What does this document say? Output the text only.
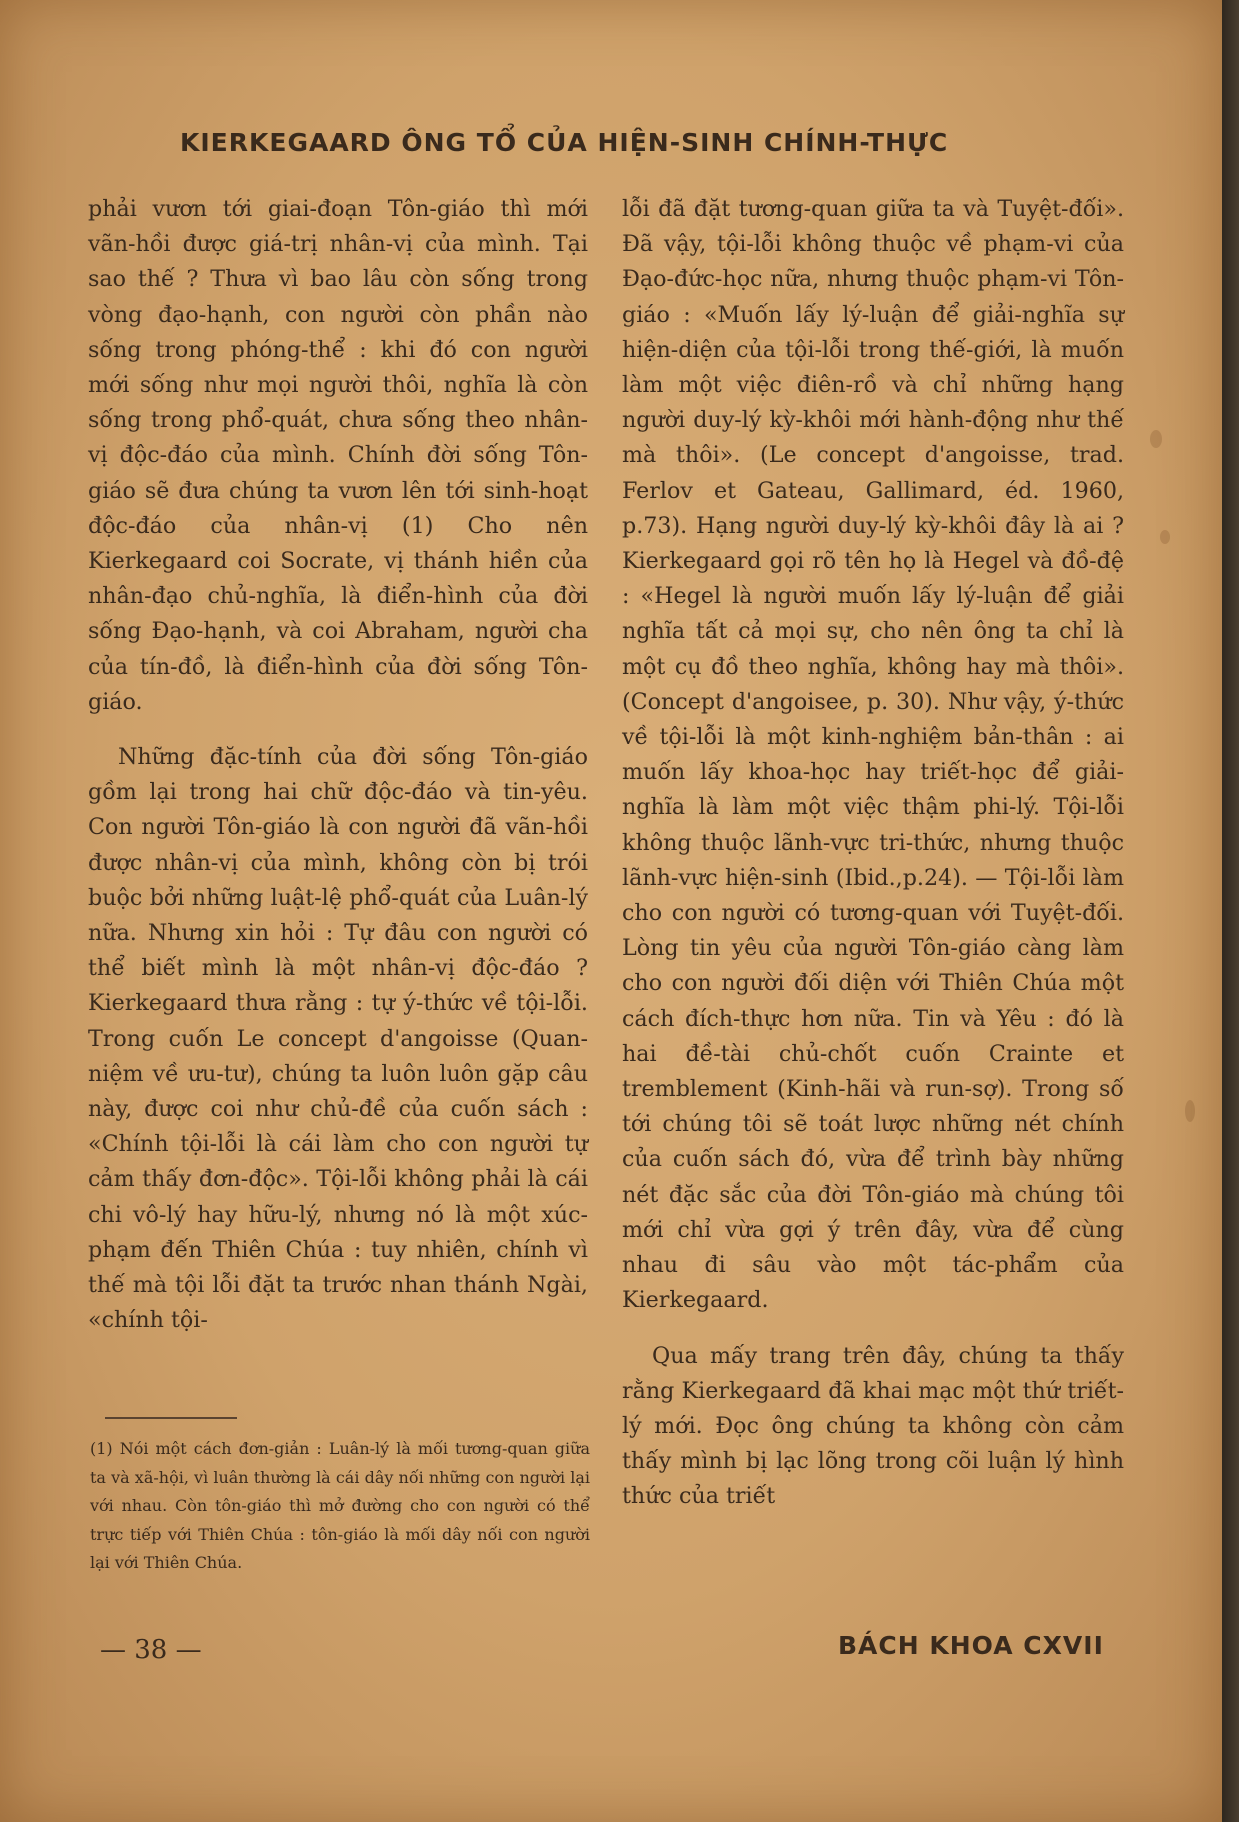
KIERKEGAARD ÔNG TỔ CỦA HIỆN-SINH CHÍNH-THỰC

phải vươn tới giai-đoạn Tôn-giáo thì mới vãn-hồi được giá-trị nhân-vị của mình. Tại sao thế ? Thưa vì bao lâu còn sống trong vòng đạo-hạnh, con người còn phần nào sống trong phóng-thể : khi đó con người mới sống như mọi người thôi, nghĩa là còn sống trong phổ-quát, chưa sống theo nhân-vị độc-đáo của mình. Chính đời sống Tôn-giáo sẽ đưa chúng ta vươn lên tới sinh-hoạt độc-đáo của nhân-vị (1) Cho nên Kierkegaard coi Socrate, vị thánh hiền của nhân-đạo chủ-nghĩa, là điển-hình của đời sống Đạo-hạnh, và coi Abraham, người cha của tín-đồ, là điển-hình của đời sống Tôn-giáo.

Những đặc-tính của đời sống Tôn-giáo gồm lại trong hai chữ độc-đáo và tin-yêu. Con người Tôn-giáo là con người đã vãn-hồi được nhân-vị của mình, không còn bị trói buộc bởi những luật-lệ phổ-quát của Luân-lý nữa. Nhưng xin hỏi : Tự đâu con người có thể biết mình là một nhân-vị độc-đáo ? Kierkegaard thưa rằng : tự ý-thức về tội-lỗi. Trong cuốn Le concept d'angoisse (Quan-niệm về ưu-tư), chúng ta luôn luôn gặp câu này, được coi như chủ-đề của cuốn sách : «Chính tội-lỗi là cái làm cho con người tự cảm thấy đơn-độc». Tội-lỗi không phải là cái chi vô-lý hay hữu-lý, nhưng nó là một xúc-phạm đến Thiên Chúa : tuy nhiên, chính vì thế mà tội lỗi đặt ta trước nhan thánh Ngài, «chính tội-

lỗi đã đặt tương-quan giữa ta và Tuyệt-đối». Đã vậy, tội-lỗi không thuộc về phạm-vi của Đạo-đức-học nữa, nhưng thuộc phạm-vi Tôn-giáo : «Muốn lấy lý-luận để giải-nghĩa sự hiện-diện của tội-lỗi trong thế-giới, là muốn làm một việc điên-rồ và chỉ những hạng người duy-lý kỳ-khôi mới hành-động như thế mà thôi». (Le concept d'angoisse, trad. Ferlov et Gateau, Gallimard, éd. 1960, p.73). Hạng người duy-lý kỳ-khôi đây là ai ? Kierkegaard gọi rõ tên họ là Hegel và đồ-đệ : «Hegel là người muốn lấy lý-luận để giải nghĩa tất cả mọi sự, cho nên ông ta chỉ là một cụ đồ theo nghĩa, không hay mà thôi». (Concept d'angoisee, p. 30). Như vậy, ý-thức về tội-lỗi là một kinh-nghiệm bản-thân : ai muốn lấy khoa-học hay triết-học để giải-nghĩa là làm một việc thậm phi-lý. Tội-lỗi không thuộc lãnh-vực tri-thức, nhưng thuộc lãnh-vực hiện-sinh (Ibid.,p.24). — Tội-lỗi làm cho con người có tương-quan với Tuyệt-đối. Lòng tin yêu của người Tôn-giáo càng làm cho con người đối diện với Thiên Chúa một cách đích-thực hơn nữa. Tin và Yêu : đó là hai đề-tài chủ-chốt cuốn Crainte et tremblement (Kinh-hãi và run-sợ). Trong số tới chúng tôi sẽ toát lược những nét chính của cuốn sách đó, vừa để trình bày những nét đặc sắc của đời Tôn-giáo mà chúng tôi mới chỉ vừa gợi ý trên đây, vừa để cùng nhau đi sâu vào một tác-phẩm của Kierkegaard.

Qua mấy trang trên đây, chúng ta thấy rằng Kierkegaard đã khai mạc một thứ triết-lý mới. Đọc ông chúng ta không còn cảm thấy mình bị lạc lõng trong cõi luận lý hình thức của triết

(1) Nói một cách đơn-giản : Luân-lý là mối tương-quan giữa ta và xã-hội, vì luân thường là cái dây nối những con người lại với nhau. Còn tôn-giáo thì mở đường cho con người có thể trực tiếp với Thiên Chúa : tôn-giáo là mối dây nối con người lại với Thiên Chúa.

— 38 —	BÁCH KHOA CXVII
